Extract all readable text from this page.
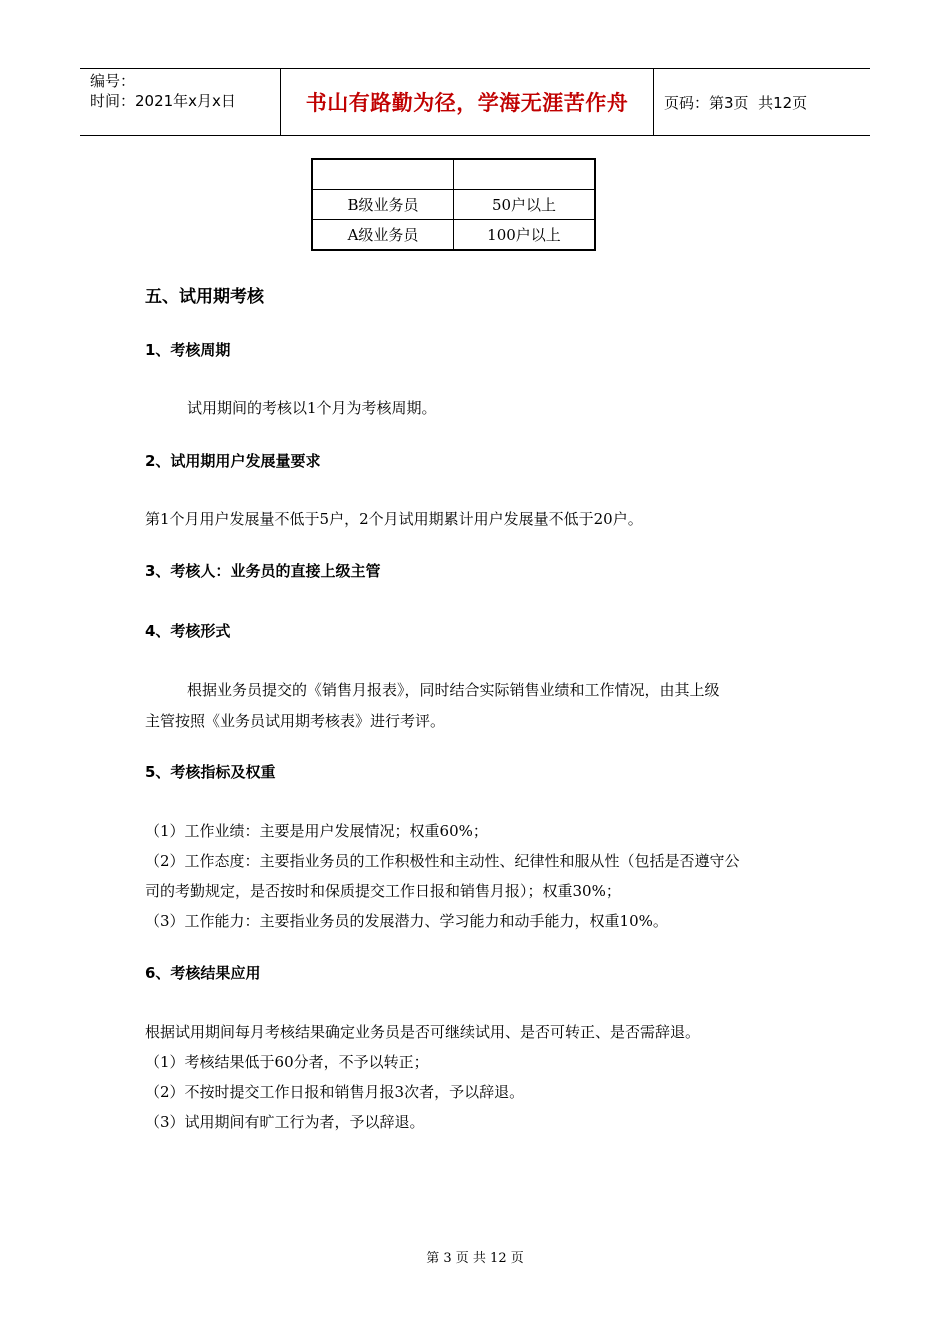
编号：
时间：2021年x月x日	书山有路勤为径，学海无涯苦作舟	页码：第3页  共12页

B级业务员	50户以上
A级业务员	100户以上
五、试用期考核
1、考核周期
试用期间的考核以1个月为考核周期。
2、试用期用户发展量要求
第1个月用户发展量不低于5户，2个月试用期累计用户发展量不低于20户。
3、考核人：业务员的直接上级主管
4、考核形式
根据业务员提交的《销售月报表》，同时结合实际销售业绩和工作情况，由其上级
主管按照《业务员试用期考核表》进行考评。
5、考核指标及权重
（1）工作业绩：主要是用户发展情况；权重60%；
（2）工作态度：主要指业务员的工作积极性和主动性、纪律性和服从性（包括是否遵守公
司的考勤规定，是否按时和保质提交工作日报和销售月报）；权重30%；
（3）工作能力：主要指业务员的发展潜力、学习能力和动手能力，权重10%。
6、考核结果应用
根据试用期间每月考核结果确定业务员是否可继续试用、是否可转正、是否需辞退。
（1）考核结果低于60分者，不予以转正；
（2）不按时提交工作日报和销售月报3次者，予以辞退。
（3）试用期间有旷工行为者，予以辞退。
第 3 页 共 12 页
